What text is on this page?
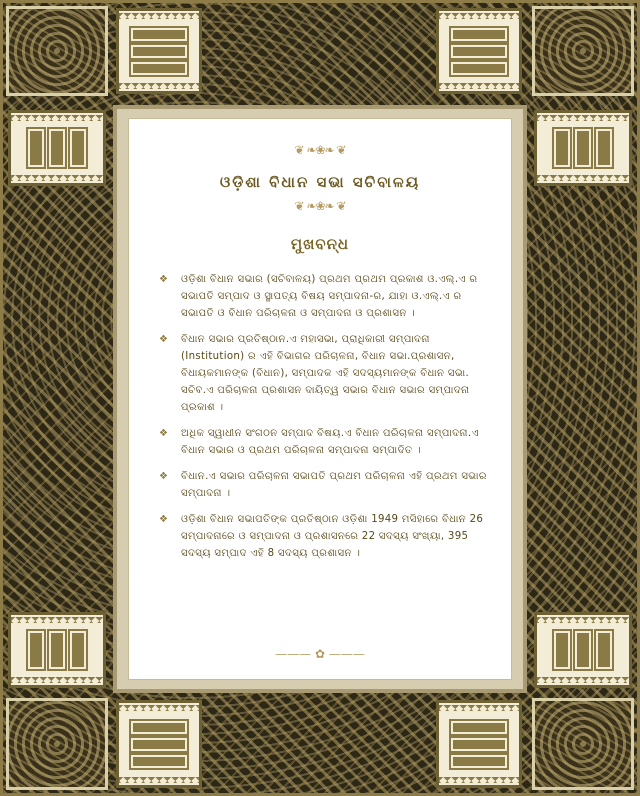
❦ ❧❀❧ ❦
ଓଡ଼ିଶା ବିଧାନ ସଭା ସଚିବାଳୟ
❦ ❧❀❧ ❦
ମୁଖବନ୍ଧ
❖ ଓଡ଼ିଶା ବିଧାନ ସଭାର (ସଚିବାଳୟ) ପ୍ରଥମ ପ୍ରଥମ ପ୍ରକାଶ ଓ.ଏଲ୍.ଏ ର ସଭାପତି ସମ୍ପାଦ ଓ ସ୍ଥାପତ୍ୟ ବିଷୟ ସମ୍ପାଦନା-ର, ଯାହା ଓ.ଏଲ୍.ଏ ର ସଭାପତି ଓ ବିଧାନ ପରିଚାଳନା ଓ ସମ୍ପାଦନା ଓ ପ୍ରଶାସନ ।
❖ ବିଧାନ ସଭାର ପ୍ରତିଷ୍ଠାନ.ଏ ମହାସଭା, ପ୍ରାଧିକାରୀ ସମ୍ପାଦନା (Institution) ର ଏହି ବିଭାଗର ପରିଚାଳନା, ବିଧାନ ସଭା.ପ୍ରଶାସନ, ବିଧାୟକମାନଙ୍କ (ବିଧାନ), ସମ୍ପାଦକ ଏହି ସଦସ୍ୟମାନଙ୍କ ବିଧାନ ସଭା. ସଚିବ.ଏ ପରିଚାଳନା ପ୍ରଶାସନ ଦାୟିତ୍ୱ ସଭାର ବିଧାନ ସଭାର ସମ୍ପାଦନା ପ୍ରକାଶ ।
❖ ଅଧିକ ସ୍ୱାଧୀନ ସଂଗଠନ ସମ୍ପାଦ ବିଷୟ.ଏ ବିଧାନ ପରିଚାଳନା ସମ୍ପାଦନା.ଏ ବିଧାନ ସଭାର ଓ ପ୍ରଥମ ପରିଚାଳନା ସମ୍ପାଦନା ସମ୍ପାଦିତ ।
❖ ବିଧାନ.ଏ ସଭାର ପରିଚାଳନା ସଭାପତି ପ୍ରଥମ ପରିଚାଳନା ଏହି ପ୍ରଥମ ସଭାର ସମ୍ପାଦନା ।
❖ ଓଡ଼ିଶା ବିଧାନ ସଭାପତିଙ୍କ ପ୍ରତିଷ୍ଠାନ ଓଡ଼ିଶା 1949 ମସିହାରେ ବିଧାନ 26 ସମ୍ପାଦନାରେ ଓ ସମ୍ପାଦନା ଓ ପ୍ରଶାସନରେ 22 ସଦସ୍ୟ ସଂଖ୍ୟା, 395 ସଦସ୍ୟ ସମ୍ପାଦ ଏହି 8 ସଦସ୍ୟ ପ୍ରଶାସନ ।
——— ✿ ———
